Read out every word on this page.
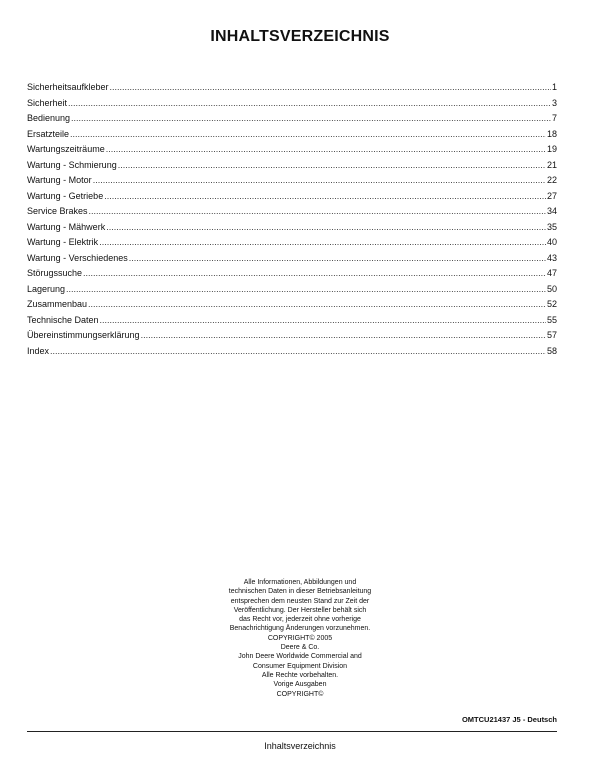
INHALTSVERZEICHNIS
Sicherheitsaufkleber .....	1
Sicherheit .....	3
Bedienung .....	7
Ersatzteile .....	18
Wartungszeiträume .....	19
Wartung - Schmierung .....	21
Wartung - Motor .....	22
Wartung - Getriebe .....	27
Service Brakes .....	34
Wartung - Mähwerk .....	35
Wartung - Elektrik .....	40
Wartung - Verschiedenes .....	43
Störugssuche .....	47
Lagerung .....	50
Zusammenbau .....	52
Technische Daten .....	55
Übereinstimmungserklärung .....	57
Index .....	58
Alle Informationen, Abbildungen und
technischen Daten in dieser Betriebsanleitung
entsprechen dem neusten Stand zur Zeit der
Veröffentlichung. Der Hersteller behält sich
das Recht vor, jederzeit ohne vorherige
Benachrichtigung Änderungen vorzunehmen.
COPYRIGHT© 2005
Deere & Co.
John Deere Worldwide Commercial and
Consumer Equipment Division
Alle Rechte vorbehalten.
Vorige Ausgaben
COPYRIGHT©
OMTCU21437 J5 - Deutsch
Inhaltsverzeichnis
